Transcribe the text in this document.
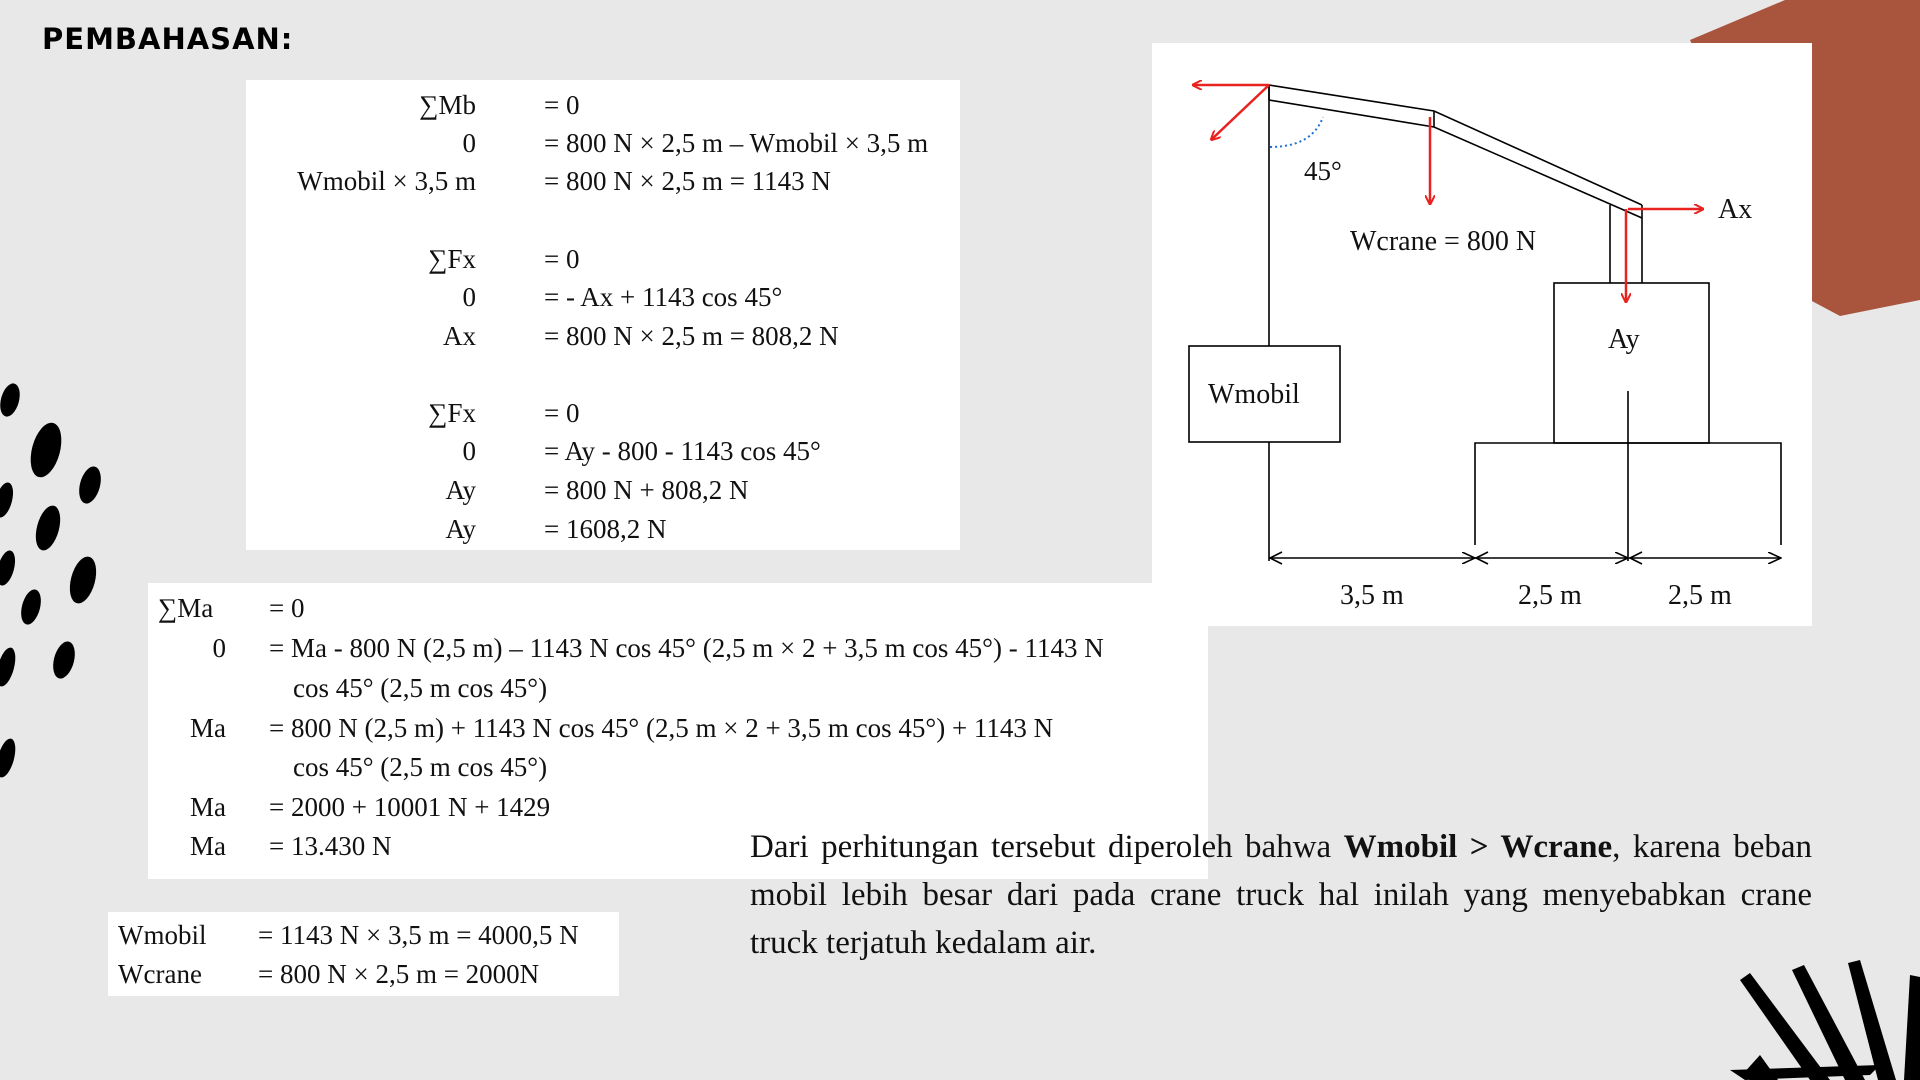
PEMBAHASAN:
∑Mb	= 0
0	= 800 N × 2,5 m – Wmobil × 3,5 m
Wmobil × 3,5 m	= 800 N × 2,5 m = 1143 N
∑Fx	= 0
0	= - Ax + 1143 cos 45°
Ax	= 800 N × 2,5 m = 808,2 N
∑Fx	= 0
0	= Ay - 800 - 1143 cos 45°
Ay	= 800 N + 808,2 N
Ay	= 1608,2 N
45°
Ax
Wcrane = 800 N
Ay
Wmobil
3,5 m	2,5 m	2,5 m
∑Ma = 0
0 = Ma - 800 N (2,5 m) – 1143 N cos 45° (2,5 m × 2 + 3,5 m cos 45°) - 1143 N
cos 45° (2,5 m cos 45°)
Ma = 800 N (2,5 m) + 1143 N cos 45° (2,5 m × 2 + 3,5 m cos 45°) + 1143 N
cos 45° (2,5 m cos 45°)
Ma = 2000 + 10001 N + 1429
Ma = 13.430 N
Wmobil = 1143 N × 3,5 m = 4000,5 N
Wcrane = 800 N × 2,5 m = 2000N
Dari perhitungan tersebut diperoleh bahwa Wmobil > Wcrane, karena beban mobil lebih besar dari pada crane truck hal inilah yang menyebabkan crane truck terjatuh kedalam air.
